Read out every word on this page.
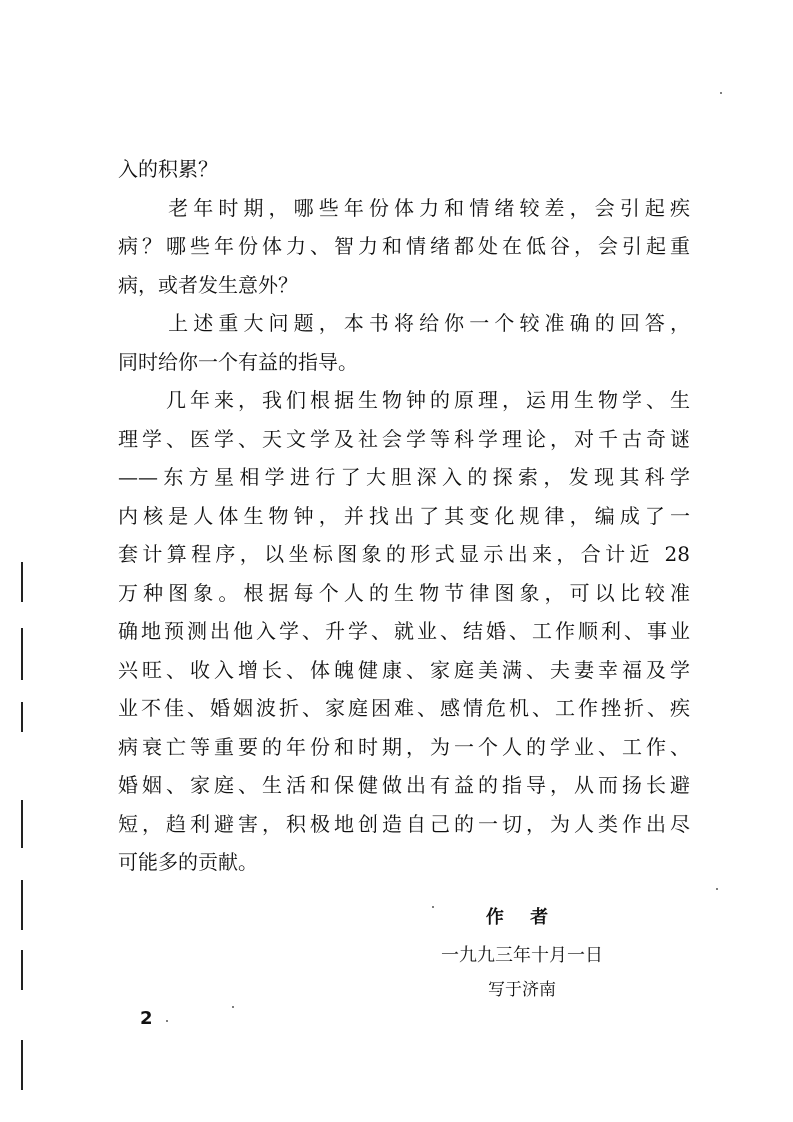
入的积累？
　　老年时期，哪些年份体力和情绪较差，会引起疾
病？哪些年份体力、智力和情绪都处在低谷，会引起重
病，或者发生意外？
　　上述重大问题，本书将给你一个较准确的回答，
同时给你一个有益的指导。
　　几年来，我们根据生物钟的原理，运用生物学、生
理学、医学、天文学及社会学等科学理论，对千古奇谜
——东方星相学进行了大胆深入的探索，发现其科学
内核是人体生物钟，并找出了其变化规律，编成了一
套计算程序，以坐标图象的形式显示出来，合计近 28
万种图象。根据每个人的生物节律图象，可以比较准
确地预测出他入学、升学、就业、结婚、工作顺利、事业
兴旺、收入增长、体魄健康、家庭美满、夫妻幸福及学
业不佳、婚姻波折、家庭困难、感情危机、工作挫折、疾
病衰亡等重要的年份和时期，为一个人的学业、工作、
婚姻、家庭、生活和保健做出有益的指导，从而扬长避
短，趋利避害，积极地创造自己的一切，为人类作出尽
可能多的贡献。
作 者
一九九三年十月一日
写于济南
2
